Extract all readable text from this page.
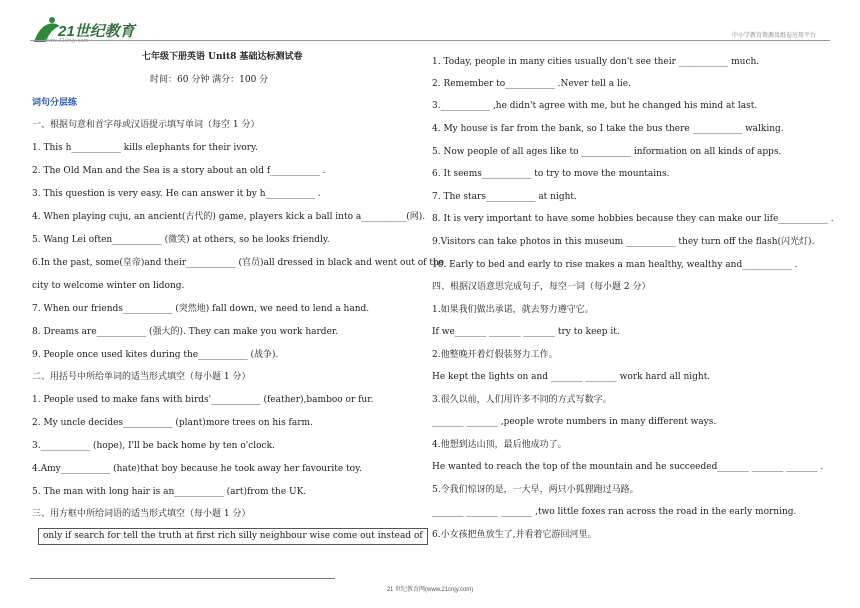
21世纪教育
www.21cnjy.com
中小学教育资源及组卷应用平台
七年级下册英语 Unit8 基础达标测试卷
时间：60 分钟 满分：100 分
词句分层练
一、根据句意和首字母或汉语提示填写单词（每空 1 分）
1. This h___________ kills elephants for their ivory.
2. The Old Man and the Sea is a story about an old f___________ .
3. This question is very easy. He can answer it by h___________ .
4. When playing cuju, an ancient(古代的) game, players kick a ball into a__________(网).
5. Wang Lei often___________ (微笑) at others, so he looks friendly.
6.In the past, some(皇帝)and their___________ (官员)all dressed in black and went out of the
city to welcome winter on lidong.
7. When our friends___________ (突然地) fall down, we need to lend a hand.
8. Dreams are___________ (强大的). They can make you work harder.
9. People once used kites during the___________ (战争).
二、用括号中所给单词的适当形式填空（每小题 1 分）
1. People used to make fans with birds'___________ (feather),bamboo or fur.
2. My uncle decides___________ (plant)more trees on his farm.
3.___________ (hope), I'll be back home by ten o'clock.
4.Amy___________ (hate)that boy because he took away her favourite toy.
5. The man with long hair is an___________ (art)from the UK.
三、用方框中所给词语的适当形式填空（每小题 1 分）
only if search for tell the truth at first rich silly neighbour wise come out instead of
1. Today, people in many cities usually don't see their ___________ much.
2. Remember to___________ .Never tell a lie.
3.___________ ,he didn't agree with me, but he changed his mind at last.
4. My house is far from the bank, so I take the bus there ___________ walking.
5. Now people of all ages like to ___________ information on all kinds of apps.
6. It seems___________ to try to move the mountains.
7. The stars___________ at night.
8. It is very important to have some hobbies because they can make our life___________ .
9.Visitors can take photos in this museum ___________ they turn off the flash(闪光灯).
10. Early to bed and early to rise makes a man healthy, wealthy and___________ .
四、根据汉语意思完成句子，每空一词（每小题 2 分）
1.如果我们做出承诺，就去努力遵守它。
If we_______ _______ _______ try to keep it.
2.他整晚开着灯假装努力工作。
He kept the lights on and _______ _______ work hard all night.
3.很久以前，人们用许多不同的方式写数字。
_______ _______ ,people wrote numbers in many different ways.
4.他想到达山顶，最后他成功了。
He wanted to reach the top of the mountain and he succeeded_______ _______ _______ .
5.令我们惊讶的是，一大早，两只小狐狸跑过马路。
_______ _______ _______ ,two little foxes ran across the road in the early morning.
6.小女孩把鱼放生了,并看着它游回河里。
21 世纪教育网(www.21cnjy.com)
